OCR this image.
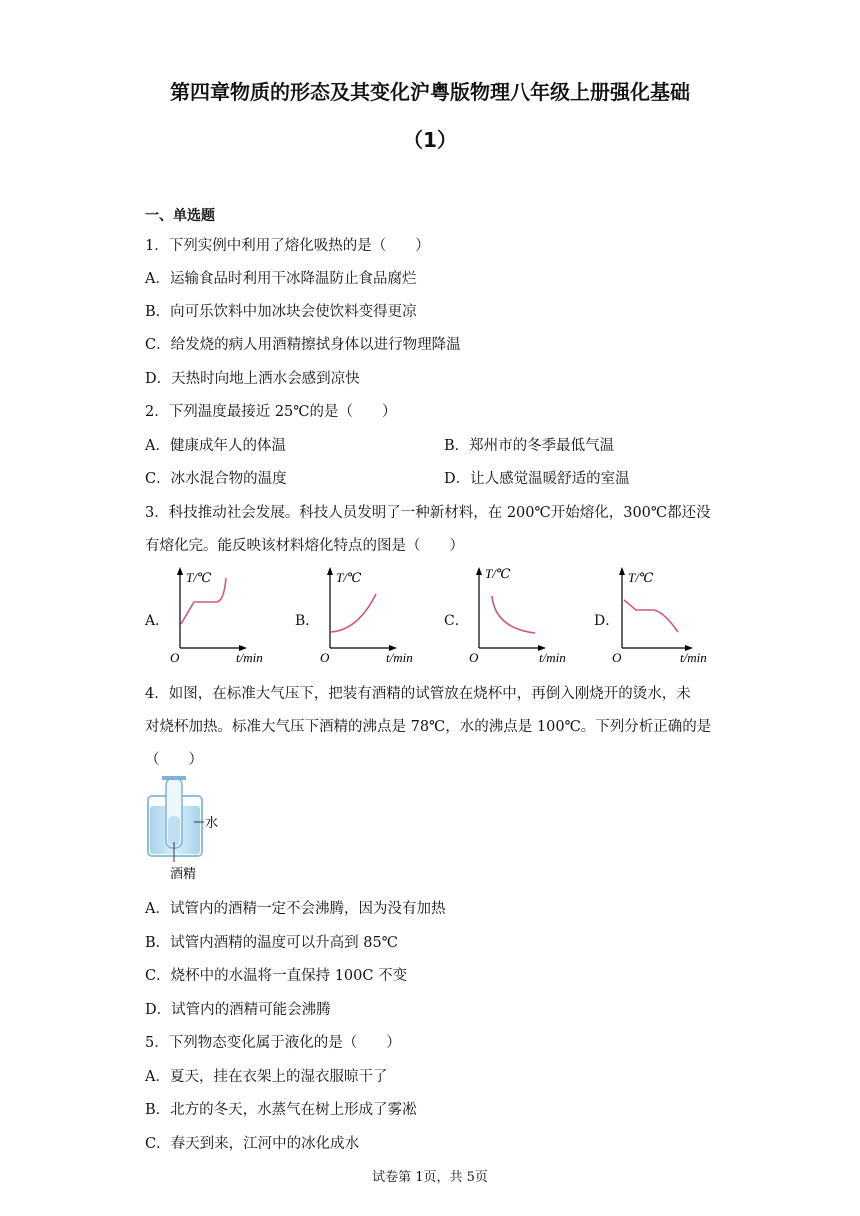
第四章物质的形态及其变化沪粤版物理八年级上册强化基础
（1）
一、单选题
1．下列实例中利用了熔化吸热的是（　　）
A．运输食品时利用干冰降温防止食品腐烂
B．向可乐饮料中加冰块会使饮料变得更凉
C．给发烧的病人用酒精擦拭身体以进行物理降温
D．天热时向地上洒水会感到凉快
2．下列温度最接近 25℃的是（　　）
A．健康成年人的体温	B．郑州市的冬季最低气温
C．冰水混合物的温度	D．让人感觉温暖舒适的室温
3．科技推动社会发展。科技人员发明了一种新材料，在 200℃开始熔化，300℃都还没
有熔化完。能反映该材料熔化特点的图是（　　）
A．
T/℃
O	t/min
B．
T/℃
O	t/min
C．
T/℃
O	t/min
D．
T/℃
O	t/min
4．如图，在标准大气压下，把装有酒精的试管放在烧杯中，再倒入刚烧开的烫水，未
对烧杯加热。标准大气压下酒精的沸点是 78℃，水的沸点是 100℃。下列分析正确的是
（　　）
水
酒精
A．试管内的酒精一定不会沸腾，因为没有加热
B．试管内酒精的温度可以升高到 85℃
C．烧杯中的水温将一直保持 100C 不变
D．试管内的酒精可能会沸腾
5．下列物态变化属于液化的是（　　）
A．夏天，挂在衣架上的湿衣服晾干了
B．北方的冬天，水蒸气在树上形成了雾凇
C．春天到来，江河中的冰化成水
试卷第 1页，共 5页
